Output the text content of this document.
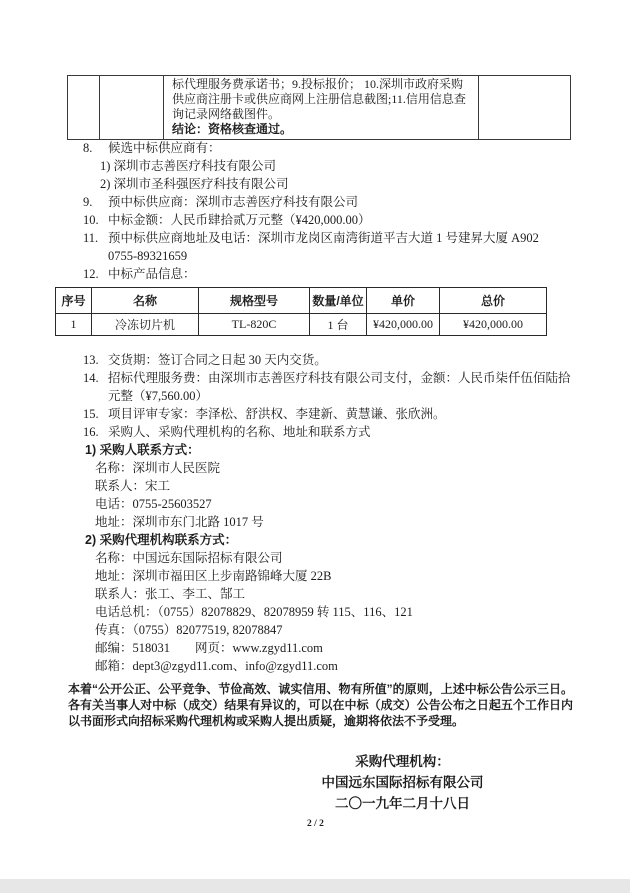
		标代理服务费承诺书；9.投标报价； 10.深圳市政府采购供应商注册卡或供应商网上注册信息截图;11.信用信息查询记录网络截图件。
结论：资格核查通过。

8.	候选中标供应商有：
1) 深圳市志善医疗科技有限公司
2) 深圳市圣科强医疗科技有限公司
9.	预中标供应商：深圳市志善医疗科技有限公司
10. 中标金额：人民币肆拾贰万元整（¥420,000.00）
11. 预中标供应商地址及电话：深圳市龙岗区南湾街道平吉大道 1 号建昇大厦 A902
0755-89321659
12. 中标产品信息：
序号	名称	规格型号	数量/单位	单价	总价
1	冷冻切片机	TL-820C	1 台	¥420,000.00	¥420,000.00
13. 交货期：签订合同之日起 30 天内交货。
14. 招标代理服务费：由深圳市志善医疗科技有限公司支付，金额：人民币柒仟伍佰陆拾元整（¥7,560.00）
15. 项目评审专家：李泽松、舒洪权、李建新、黄慧谦、张欣洲。
16. 采购人、采购代理机构的名称、地址和联系方式
1) 采购人联系方式：
名称：深圳市人民医院
联系人：宋工
电话：0755-25603527
地址：深圳市东门北路 1017 号
2) 采购代理机构联系方式：
名称：中国远东国际招标有限公司
地址：深圳市福田区上步南路锦峰大厦 22B
联系人：张工、李工、郜工
电话总机：（0755）82078829、82078959 转 115、116、121
传真：（0755）82077519, 82078847
邮编：518031　　网页：www.zgyd11.com
邮箱：dept3@zgyd11.com、info@zgyd11.com
本着“公开公正、公平竞争、节俭高效、诚实信用、物有所值”的原则，上述中标公告公示三日。各有关当事人对中标（成交）结果有异议的，可以在中标（成交）公告公布之日起五个工作日内以书面形式向招标采购代理机构或采购人提出质疑，逾期将依法不予受理。
采购代理机构：
中国远东国际招标有限公司
二〇一九年二月十八日
2 / 2
